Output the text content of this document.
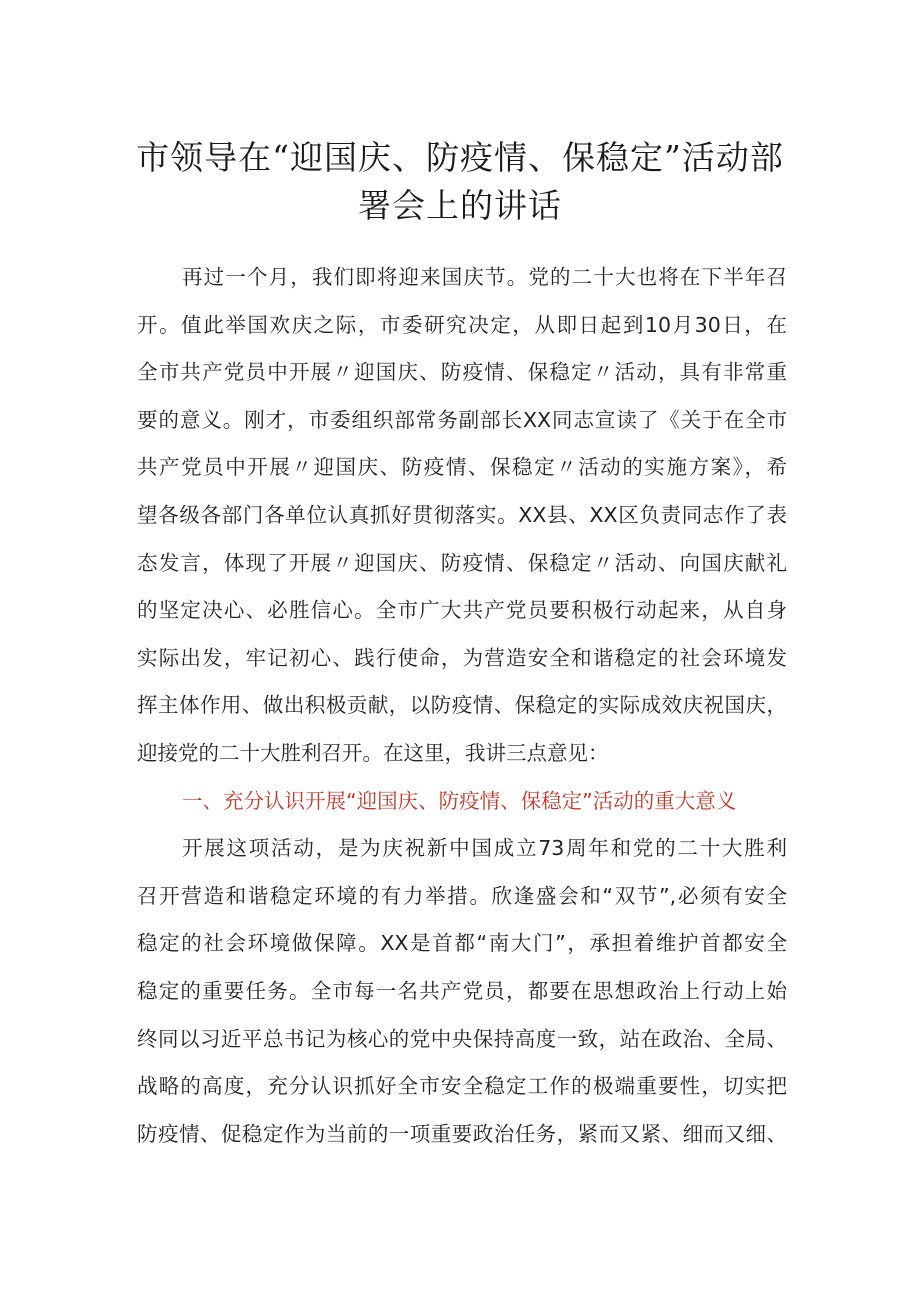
市领导在“迎国庆、防疫情、保稳定”活动部
署会上的讲话
再过一个月，我们即将迎来国庆节。党的二十大也将在下半年召
开。值此举国欢庆之际，市委研究决定，从即日起到10月30日，在
全市共产党员中开展〃迎国庆、防疫情、保稳定〃活动，具有非常重
要的意义。刚才，市委组织部常务副部长XX同志宣读了《关于在全市
共产党员中开展〃迎国庆、防疫情、保稳定〃活动的实施方案》，希
望各级各部门各单位认真抓好贯彻落实。XX县、XX区负责同志作了表
态发言，体现了开展〃迎国庆、防疫情、保稳定〃活动、向国庆献礼
的坚定决心、必胜信心。全市广大共产党员要积极行动起来，从自身
实际出发，牢记初心、践行使命，为营造安全和谐稳定的社会环境发
挥主体作用、做出积极贡献，以防疫情、保稳定的实际成效庆祝国庆，
迎接党的二十大胜利召开。在这里，我讲三点意见：
一、充分认识开展“迎国庆、防疫情、保稳定”活动的重大意义
开展这项活动，是为庆祝新中国成立73周年和党的二十大胜利
召开营造和谐稳定环境的有力举措。欣逢盛会和“双节”,必须有安全
稳定的社会环境做保障。XX是首都“南大门”，承担着维护首都安全
稳定的重要任务。全市每一名共产党员，都要在思想政治上行动上始
终同以习近平总书记为核心的党中央保持高度一致，站在政治、全局、
战略的高度，充分认识抓好全市安全稳定工作的极端重要性，切实把
防疫情、促稳定作为当前的一项重要政治任务，紧而又紧、细而又细、
